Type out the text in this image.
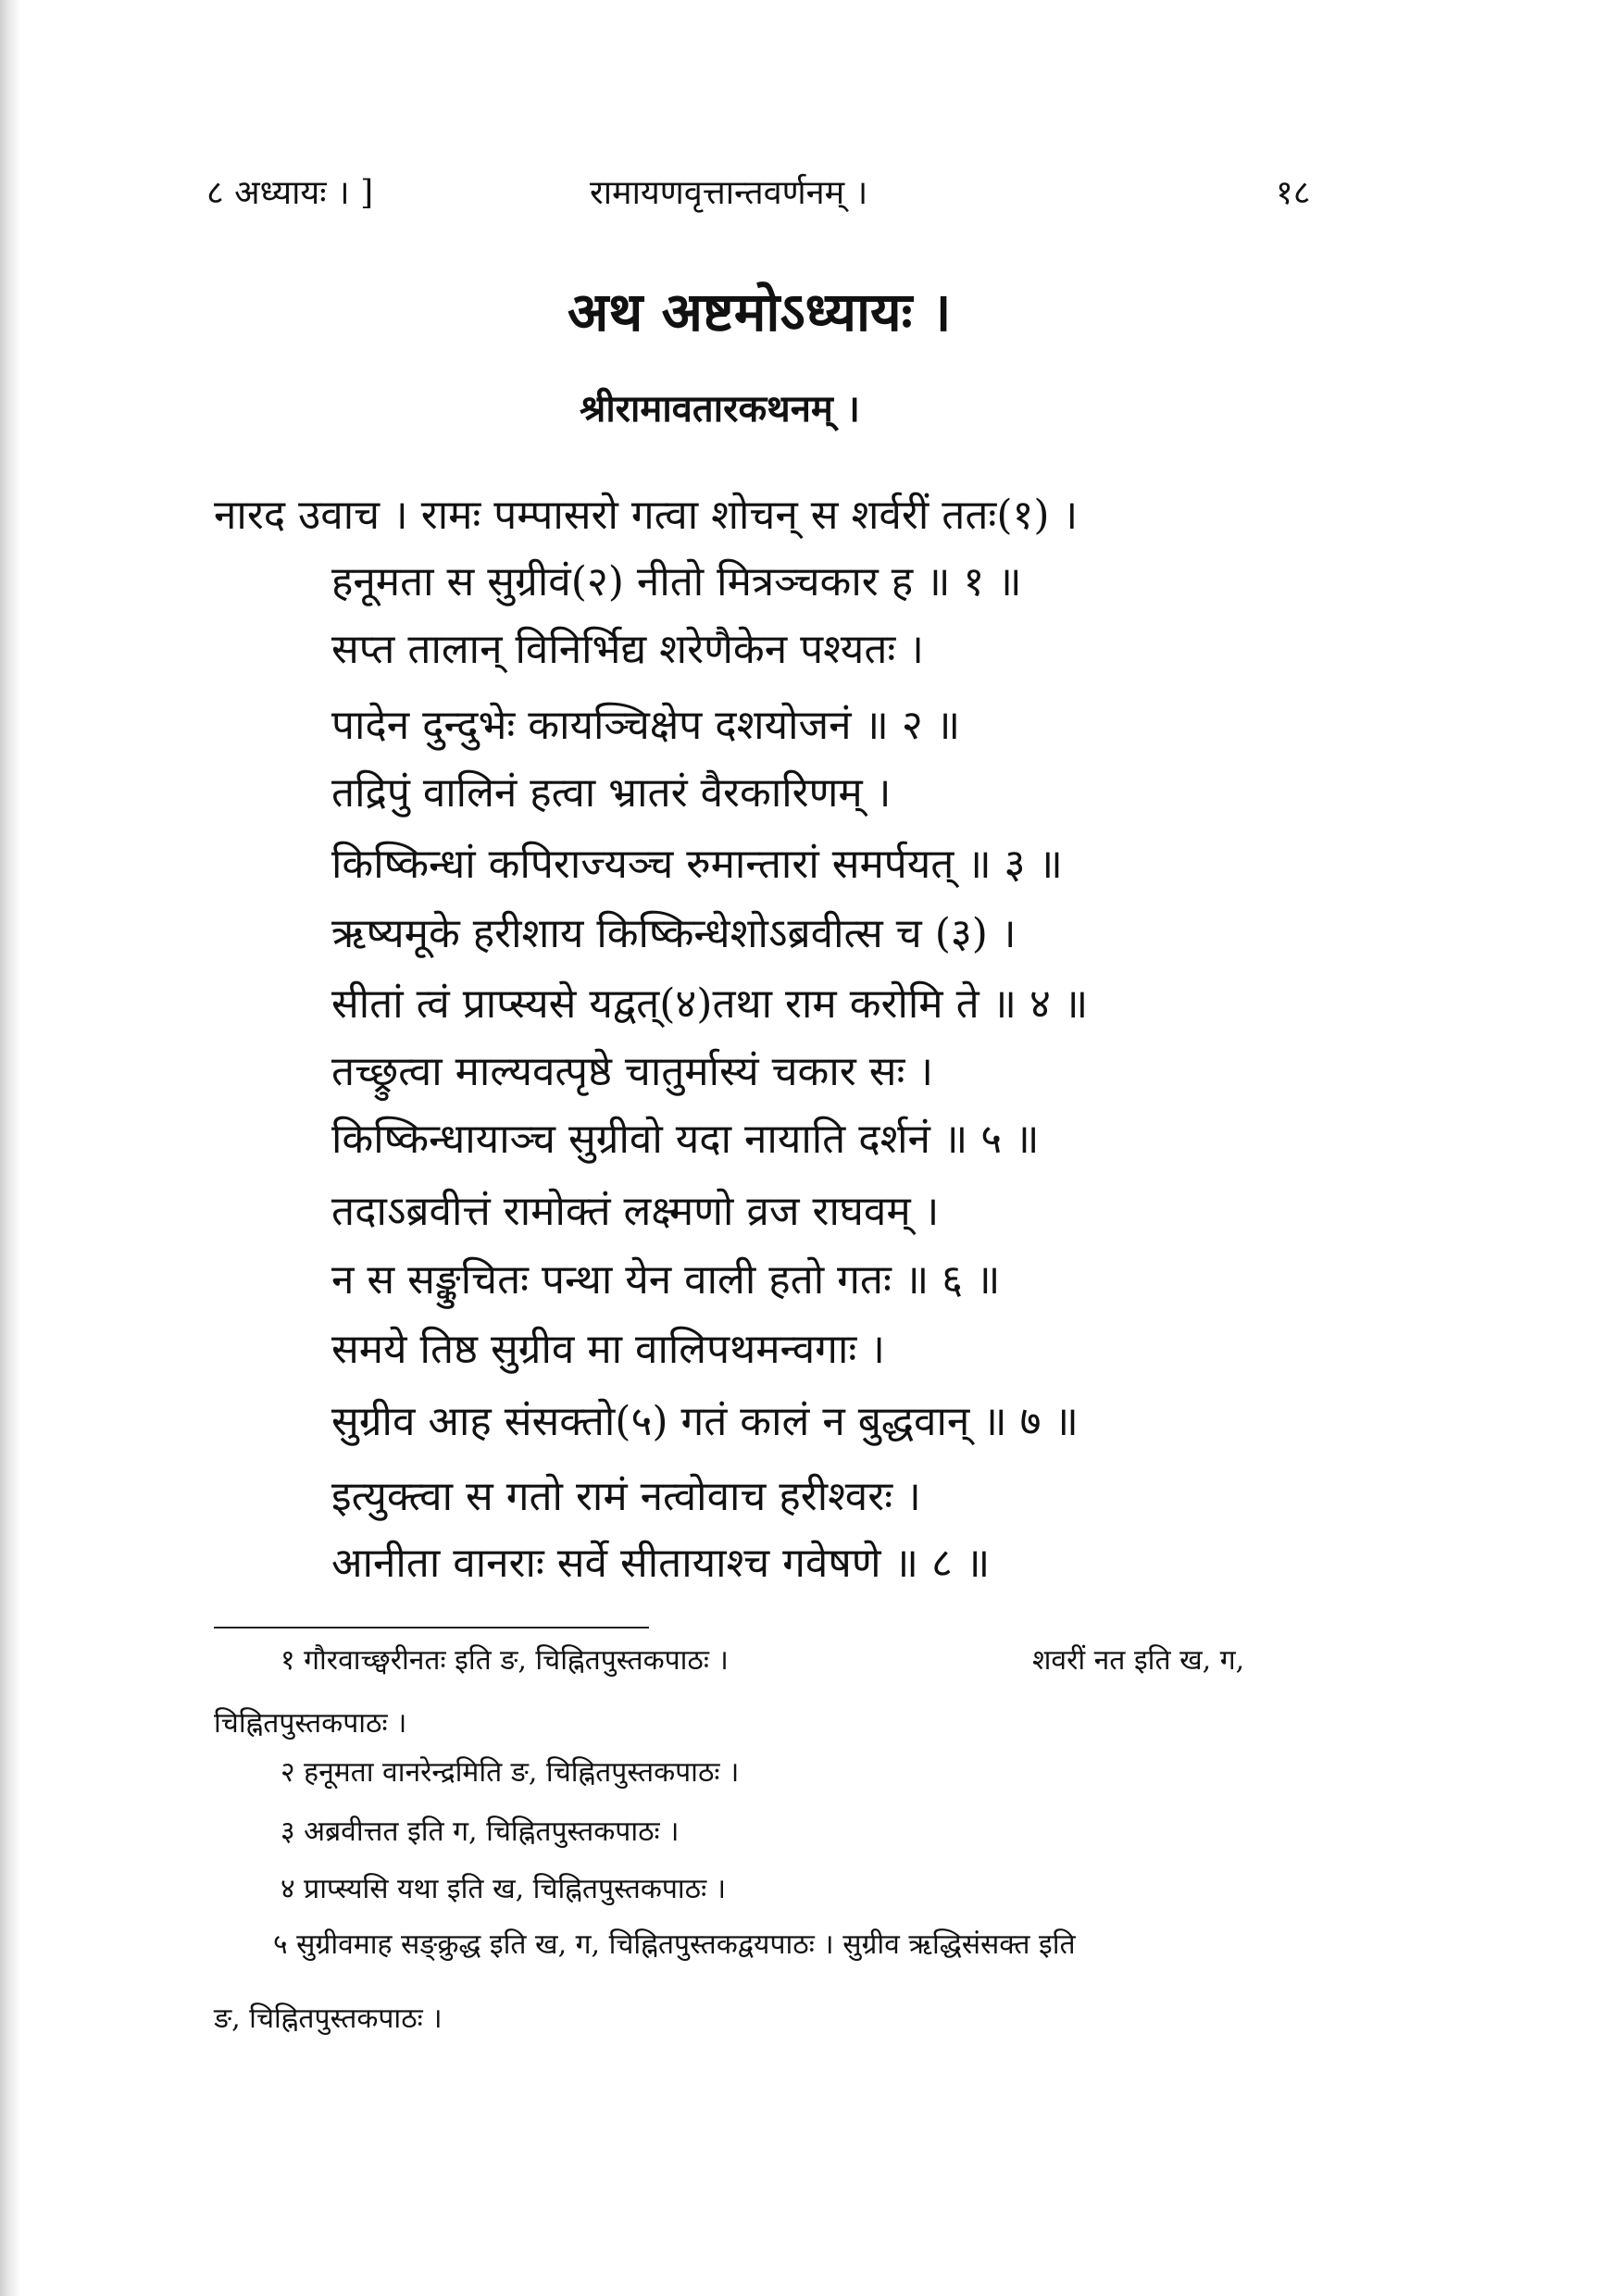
८ अध्यायः । ]	रामायणवृत्तान्तवर्णनम् ।	१८
अथ अष्टमोऽध्यायः ।
श्रीरामावतारकथनम् ।
नारद उवाच । रामः पम्पासरो गत्वा शोचन् स शर्वरीं ततः(१) ।
हनूमता स सुग्रीवं(२) नीतो मित्रञ्चकार ह ॥ १ ॥
सप्त तालान् विनिर्भिद्य शरेणैकेन पश्यतः ।
पादेन दुन्दुभेः कायञ्चिक्षेप दशयोजनं ॥ २ ॥
तद्रिपुं वालिनं हत्वा भ्रातरं वैरकारिणम् ।
किष्किन्धां कपिराज्यञ्च रुमान्तारां समर्पयत् ॥ ३ ॥
ऋष्यमूके हरीशाय किष्किन्धेशोऽब्रवीत्स च (३) ।
सीतां त्वं प्राप्स्यसे यद्वत्(४)तथा राम करोमि ते ॥ ४ ॥
तच्छ्रुत्वा माल्यवत्पृष्ठे चातुर्मास्यं चकार सः ।
किष्किन्धायाञ्च सुग्रीवो यदा नायाति दर्शनं ॥ ५ ॥
तदाऽब्रवीत्तं रामोक्तं लक्ष्मणो व्रज राघवम् ।
न स सङ्कुचितः पन्था येन वाली हतो गतः ॥ ६ ॥
समये तिष्ठ सुग्रीव मा वालिपथमन्वगाः ।
सुग्रीव आह संसक्तो(५) गतं कालं न बुद्धवान् ॥ ७ ॥
इत्युक्त्वा स गतो रामं नत्वोवाच हरीश्वरः ।
आनीता वानराः सर्वे सीतायाश्च गवेषणे ॥ ८ ॥
१ गौरवाच्छ्वरीनतः इति ङ, चिह्नितपुस्तकपाठः ।	शवरीं नत इति ख, ग,
चिह्नितपुस्तकपाठः ।
२ हनूमता वानरेन्द्रमिति ङ, चिह्नितपुस्तकपाठः ।
३ अब्रवीत्तत इति ग, चिह्नितपुस्तकपाठः ।
४ प्राप्स्यसि यथा इति ख, चिह्नितपुस्तकपाठः ।
५ सुग्रीवमाह सङ्क्रुद्ध इति ख, ग, चिह्नितपुस्तकद्वयपाठः । सुग्रीव ऋद्धिसंसक्त इति
ङ, चिह्नितपुस्तकपाठः ।
